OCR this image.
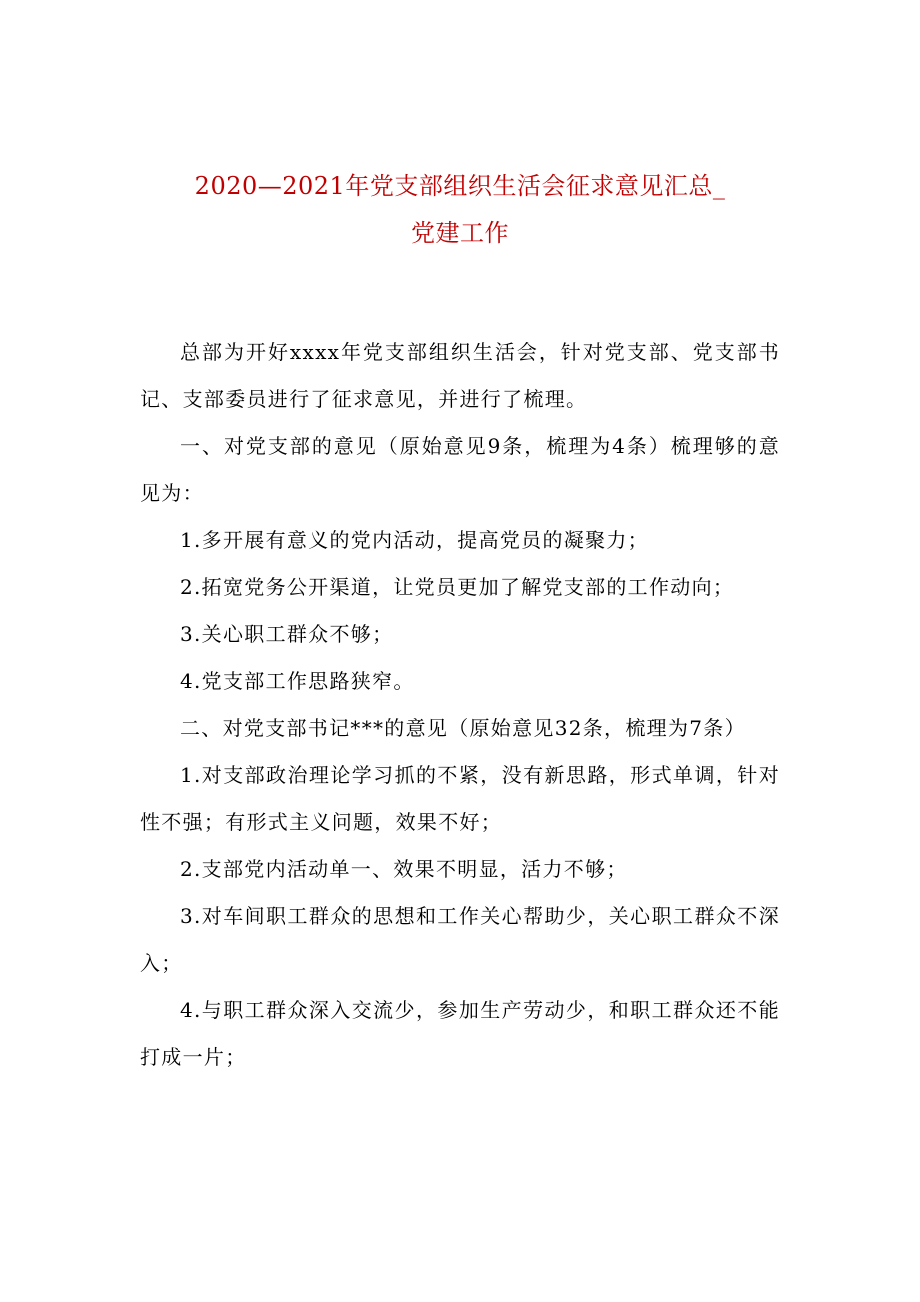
2020—2021年党支部组织生活会征求意见汇总_
党建工作

总部为开好xxxx年党支部组织生活会，针对党支部、党支部书记、支部委员进行了征求意见，并进行了梳理。

一、对党支部的意见（原始意见9条，梳理为4条）梳理够的意见为：

1.多开展有意义的党内活动，提高党员的凝聚力；

2.拓宽党务公开渠道，让党员更加了解党支部的工作动向；

3.关心职工群众不够；

4.党支部工作思路狭窄。

二、对党支部书记***的意见（原始意见32条，梳理为7条）

1.对支部政治理论学习抓的不紧，没有新思路，形式单调，针对性不强；有形式主义问题，效果不好；

2.支部党内活动单一、效果不明显，活力不够；

3.对车间职工群众的思想和工作关心帮助少，关心职工群众不深入；

4.与职工群众深入交流少，参加生产劳动少，和职工群众还不能打成一片；
